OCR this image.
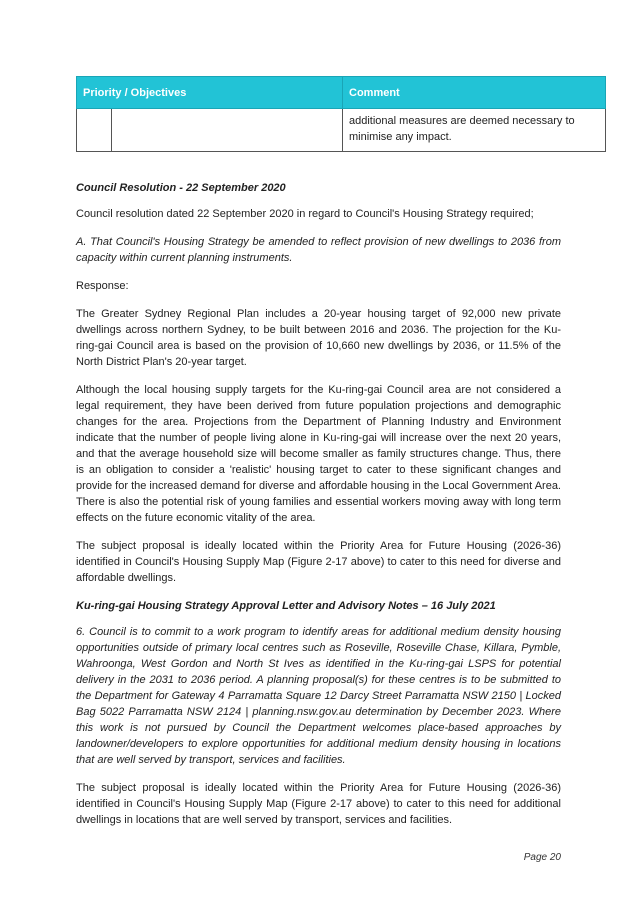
Priority / Objectives		Comment
		additional measures are deemed necessary to minimise any impact.

Council Resolution - 22 September 2020

Council resolution dated 22 September 2020 in regard to Council's Housing Strategy required;

A. That Council's Housing Strategy be amended to reflect provision of new dwellings to 2036 from capacity within current planning instruments.

Response:

The Greater Sydney Regional Plan includes a 20-year housing target of 92,000 new private dwellings across northern Sydney, to be built between 2016 and 2036. The projection for the Ku-ring-gai Council area is based on the provision of 10,660 new dwellings by 2036, or 11.5% of the North District Plan's 20-year target.

Although the local housing supply targets for the Ku-ring-gai Council area are not considered a legal requirement, they have been derived from future population projections and demographic changes for the area. Projections from the Department of Planning Industry and Environment indicate that the number of people living alone in Ku-ring-gai will increase over the next 20 years, and that the average household size will become smaller as family structures change. Thus, there is an obligation to consider a 'realistic' housing target to cater to these significant changes and provide for the increased demand for diverse and affordable housing in the Local Government Area. There is also the potential risk of young families and essential workers moving away with long term effects on the future economic vitality of the area.

The subject proposal is ideally located within the Priority Area for Future Housing (2026-36) identified in Council's Housing Supply Map (Figure 2-17 above) to cater to this need for diverse and affordable dwellings.

Ku-ring-gai Housing Strategy Approval Letter and Advisory Notes – 16 July 2021

6. Council is to commit to a work program to identify areas for additional medium density housing opportunities outside of primary local centres such as Roseville, Roseville Chase, Killara, Pymble, Wahroonga, West Gordon and North St Ives as identified in the Ku-ring-gai LSPS for potential delivery in the 2031 to 2036 period. A planning proposal(s) for these centres is to be submitted to the Department for Gateway 4 Parramatta Square 12 Darcy Street Parramatta NSW 2150 | Locked Bag 5022 Parramatta NSW 2124 | planning.nsw.gov.au determination by December 2023. Where this work is not pursued by Council the Department welcomes place-based approaches by landowner/developers to explore opportunities for additional medium density housing in locations that are well served by transport, services and facilities.

The subject proposal is ideally located within the Priority Area for Future Housing (2026-36) identified in Council's Housing Supply Map (Figure 2-17 above) to cater to this need for additional dwellings in locations that are well served by transport, services and facilities.

Page 20
